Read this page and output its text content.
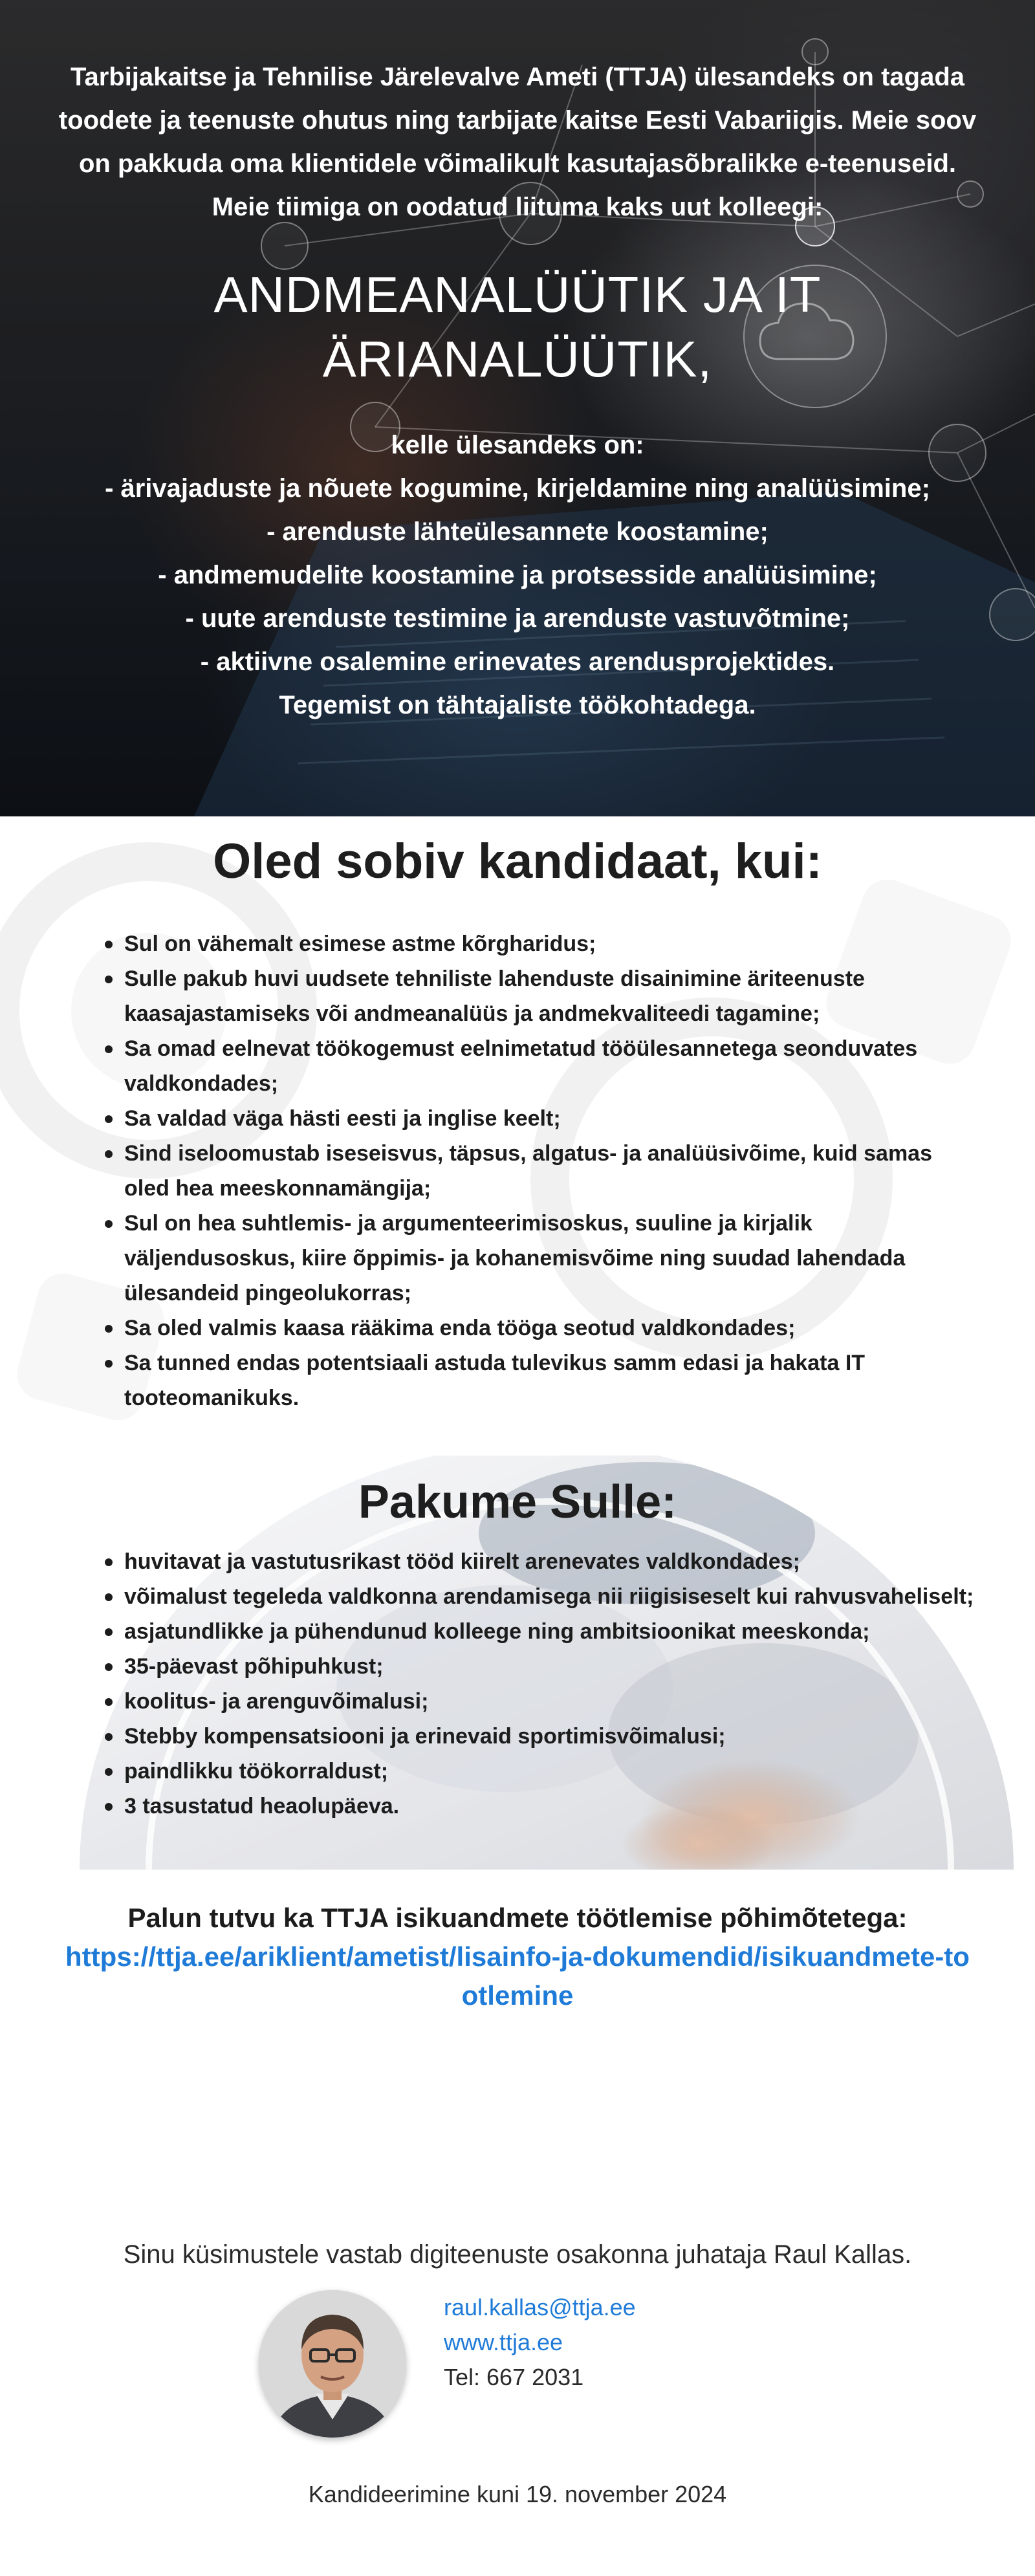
Tarbijakaitse ja Tehnilise Järelevalve Ameti (TTJA) ülesandeks on tagada
toodete ja teenuste ohutus ning tarbijate kaitse Eesti Vabariigis. Meie soov
on pakkuda oma klientidele võimalikult kasutajasõbralikke e-teenuseid.
Meie tiimiga on oodatud liituma kaks uut kolleegi:
ANDMEANALÜÜTIK JA IT
ÄRIANALÜÜTIK,
kelle ülesandeks on:
- ärivajaduste ja nõuete kogumine, kirjeldamine ning analüüsimine;
- arenduste lähteülesannete koostamine;
- andmemudelite koostamine ja protsesside analüüsimine;
- uute arenduste testimine ja arenduste vastuvõtmine;
- aktiivne osalemine erinevates arendusprojektides.
Tegemist on tähtajaliste töökohtadega.
Oled sobiv kandidaat, kui:
Sul on vähemalt esimese astme kõrgharidus;
Sulle pakub huvi uudsete tehniliste lahenduste disainimine äriteenuste kaasajastamiseks või andmeanalüüs ja andmekvaliteedi tagamine;
Sa omad eelnevat töökogemust eelnimetatud tööülesannetega seonduvates valdkondades;
Sa valdad väga hästi eesti ja inglise keelt;
Sind iseloomustab iseseisvus, täpsus, algatus- ja analüüsivõime, kuid samas oled hea meeskonnamängija;
Sul on hea suhtlemis- ja argumenteerimisoskus, suuline ja kirjalik väljendusoskus, kiire õppimis- ja kohanemisvõime ning suudad lahendada ülesandeid pingeolukorras;
Sa oled valmis kaasa rääkima enda tööga seotud valdkondades;
Sa tunned endas potentsiaali astuda tulevikus samm edasi ja hakata IT tooteomanikuks.
Pakume Sulle:
huvitavat ja vastutusrikast tööd kiirelt arenevates valdkondades;
võimalust tegeleda valdkonna arendamisega nii riigisiseselt kui rahvusvaheliselt;
asjatundlikke ja pühendunud kolleege ning ambitsioonikat meeskonda;
35-päevast põhipuhkust;
koolitus- ja arenguvõimalusi;
Stebby kompensatsiooni ja erinevaid sportimisvõimalusi;
paindlikku töökorraldust;
3 tasustatud heaolupäeva.
Palun tutvu ka TTJA isikuandmete töötlemise põhimõtetega:
https://ttja.ee/ariklient/ametist/lisainfo-ja-dokumendid/isikuandmete-tootlemine
Sinu küsimustele vastab digiteenuste osakonna juhataja Raul Kallas.
raul.kallas@ttja.ee
www.ttja.ee
Tel: 667 2031
Kandideerimine kuni 19. november 2024
